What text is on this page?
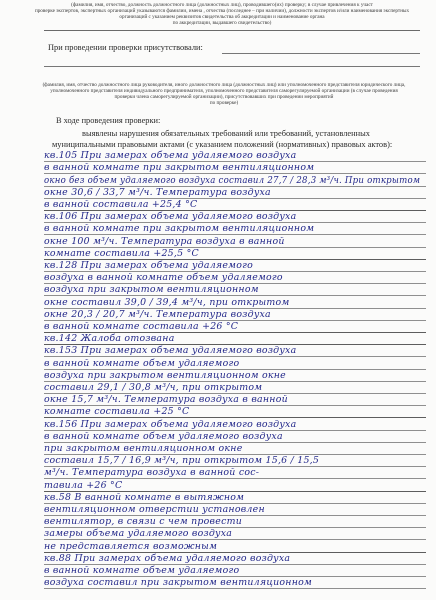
(фамилия, имя, отчество, должность должностного лица (должностных лиц), проводившего(их) проверку; в случае привлечения к участ
проверке экспертов, экспертных организаций указываются фамилии, имена , отчества (последнее – при наличии), должности экспертов и/или наименования экспертных
организаций с указанием реквизитов свидетельства об аккредитации и наименование органа
по аккредитации, выдавшего свидетельство)
При проведении проверки присутствовали:
(фамилия, имя, отчество должностного лица руководителя, иного должностного лица (должностных лиц) или уполномоченного представителя юридического лица,
уполномоченного представителя индивидуального предпринимателя, уполномоченного представителя саморегулируемой организации (в случае проведения
проверки члена саморегулируемой организации), присутствовавших при проведении мероприятий
по проверке)
В ходе проведения проверки:
выявлены нарушения обязательных требований или требований, установленных
муниципальными правовыми актами (с указанием положений (нормативных) правовых актов):
кв.105 При замерах объема удаляемого воздуха
в ванной комнате при закрытом вентиляционном
окно без объем удаляемого воздуха составил 27,7 / 28,3 м³/ч. При открытом
окне 30,6 / 33,7 м³/ч. Температура воздуха
в ванной составила +25,4 °С
кв.106 При замерах объема удаляемого воздуха
в ванной комнате при закрытом вентиляционном
окне 100 м³/ч. Температура воздуха в ванной
комнате составила +25,5 °С
кв.128 При замерах объема удаляемого
воздуха в ванной комнате объем удаляемого
воздуха при закрытом вентиляционном
окне составил 39,0 / 39,4 м³/ч, при открытом
окне 20,3 / 20,7 м³/ч. Температура воздуха
в ванной комнате составила +26 °С
кв.142 Жалоба отозвана
кв.153 При замерах объема удаляемого воздуха
в ванной комнате объем удаляемого
воздуха при закрытом вентиляционном окне
составил 29,1 / 30,8 м³/ч, при открытом
окне 15,7 м³/ч. Температура воздуха в ванной
комнате составила +25 °С
кв.156 При замерах объема удаляемого воздуха
в ванной комнате объем удаляемого воздуха
при закрытом вентиляционном окне
составил 15,7 / 16,9 м³/ч, при открытом 15,6 / 15,5
м³/ч. Температура воздуха в ванной сос-
тавила +26 °С
кв.58 В ванной комнате в вытяжном
вентиляционном отверстии установлен
вентилятор, в связи с чем провести
замеры объема удаляемого воздуха
не представляется возможным
кв.88 При замерах объема удаляемого воздуха
в ванной комнате объем удаляемого
воздуха составил при закрытом вентиляционном
